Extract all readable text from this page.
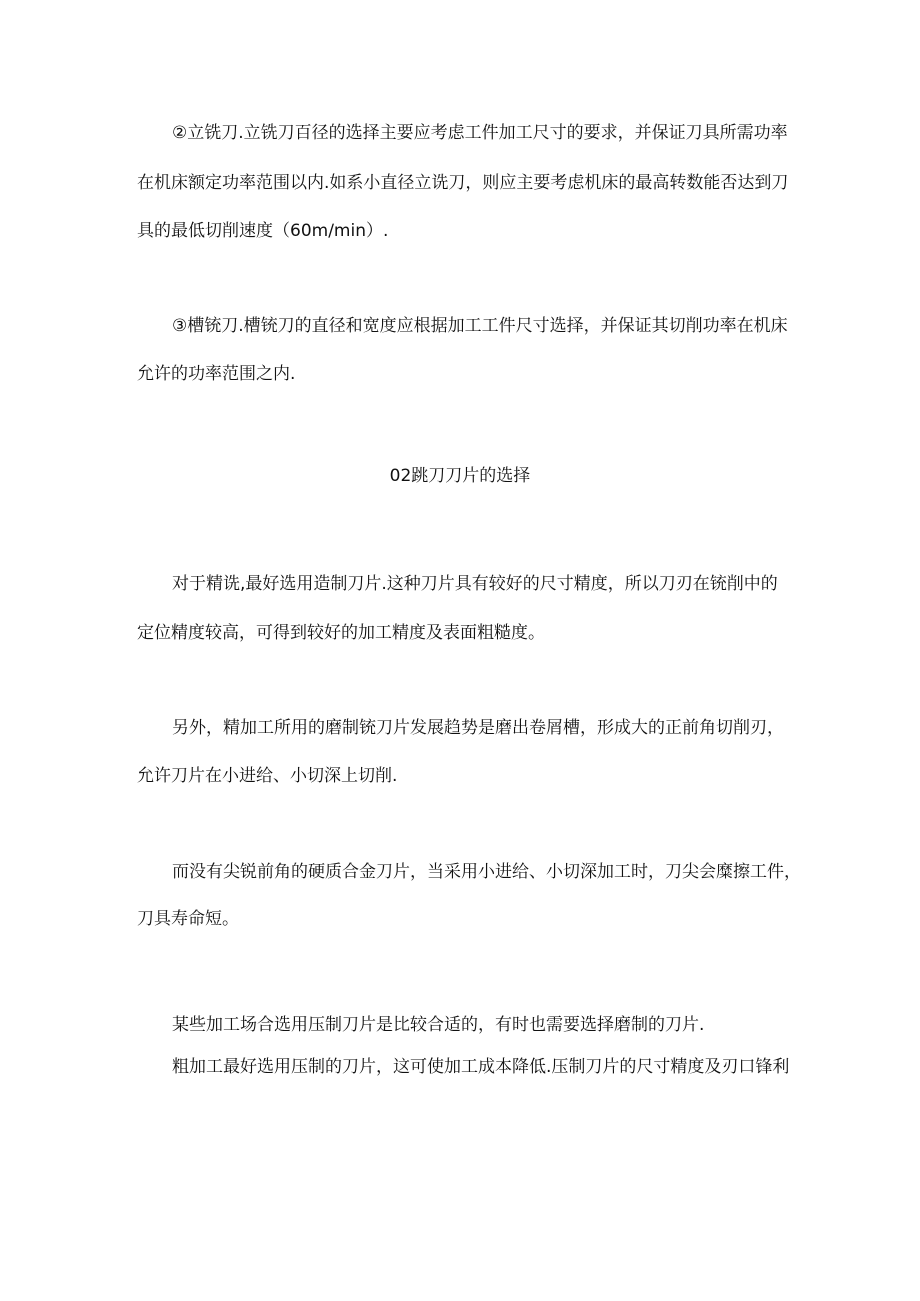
②立铣刀.立铣刀百径的选择主要应考虑工件加工尺寸的要求，并保证刀具所需功率
在机床额定功率范围以内.如系小直径立诜刀，则应主要考虑机床的最高转数能否达到刀
具的最低切削速度（60m∕min）.
③槽铳刀.槽铳刀的直径和宽度应根据加工工件尺寸选择，并保证其切削功率在机床
允许的功率范围之内.
02跳刀刀片的选择
对于精诜,最好选用造制刀片.这种刀片具有较好的尺寸精度，所以刀刃在铳削中的
定位精度较高，可得到较好的加工精度及表面粗糙度。
另外，精加工所用的磨制铳刀片发展趋势是磨出卷屑槽，形成大的正前角切削刃，
允许刀片在小进给、小切深上切削.
而没有尖锐前角的硬质合金刀片，当采用小进给、小切深加工时，刀尖会糜擦工件，
刀具寿命短。
某些加工场合选用压制刀片是比较合适的，有时也需要选择磨制的刀片.
粗加工最好选用压制的刀片，这可使加工成本降低.压制刀片的尺寸精度及刃口锋利
